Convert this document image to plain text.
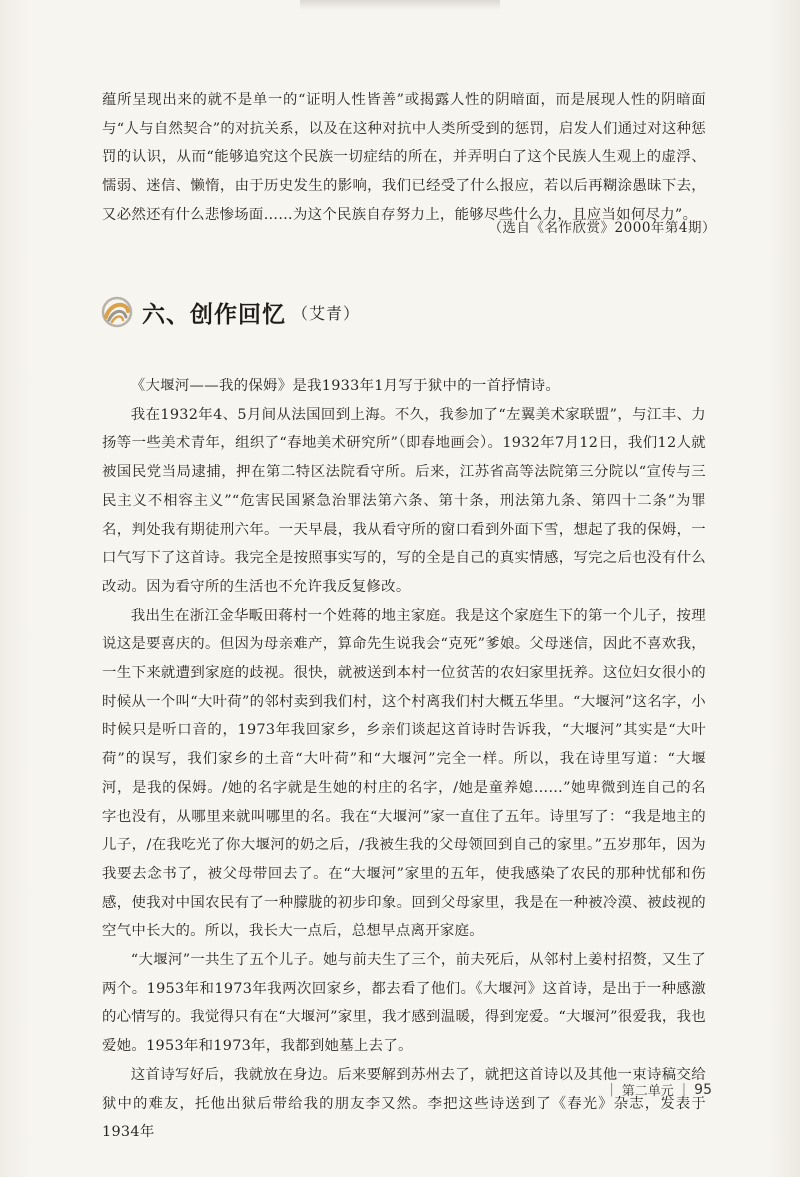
蕴所呈现出来的就不是单一的“证明人性皆善”或揭露人性的阴暗面，而是展现人性的阴暗面与“人与自然契合”的对抗关系，以及在这种对抗中人类所受到的惩罚，启发人们通过对这种惩罚的认识，从而“能够追究这个民族一切症结的所在，并弄明白了这个民族人生观上的虚浮、懦弱、迷信、懒惰，由于历史发生的影响，我们已经受了什么报应，若以后再糊涂愚昧下去，又必然还有什么悲惨场面……为这个民族自存努力上，能够尽些什么力，且应当如何尽力”。

（选自《名作欣赏》2000年第4期）
六、创作回忆 （艾青）

《大堰河——我的保姆》是我1933年1月写于狱中的一首抒情诗。

我在1932年4、5月间从法国回到上海。不久，我参加了“左翼美术家联盟”，与江丰、力扬等一些美术青年，组织了“春地美术研究所”（即春地画会）。1932年7月12日，我们12人就被国民党当局逮捕，押在第二特区法院看守所。后来，江苏省高等法院第三分院以“宣传与三民主义不相容主义”“危害民国紧急治罪法第六条、第十条，刑法第九条、第四十二条”为罪名，判处我有期徒刑六年。一天早晨，我从看守所的窗口看到外面下雪，想起了我的保姆，一口气写下了这首诗。我完全是按照事实写的，写的全是自己的真实情感，写完之后也没有什么改动。因为看守所的生活也不允许我反复修改。

我出生在浙江金华畈田蒋村一个姓蒋的地主家庭。我是这个家庭生下的第一个儿子，按理说这是要喜庆的。但因为母亲难产，算命先生说我会“克死”爹娘。父母迷信，因此不喜欢我，一生下来就遭到家庭的歧视。很快，就被送到本村一位贫苦的农妇家里抚养。这位妇女很小的时候从一个叫“大叶荷”的邻村卖到我们村，这个村离我们村大概五华里。“大堰河”这名字，小时候只是听口音的，1973年我回家乡，乡亲们谈起这首诗时告诉我，“大堰河”其实是“大叶荷”的误写，我们家乡的土音“大叶荷”和“大堰河”完全一样。所以，我在诗里写道：“大堰河，是我的保姆。/她的名字就是生她的村庄的名字，/她是童养媳……”她卑微到连自己的名字也没有，从哪里来就叫哪里的名。我在“大堰河”家一直住了五年。诗里写了：“我是地主的儿子，/在我吃光了你大堰河的奶之后，/我被生我的父母领回到自己的家里。”五岁那年，因为我要去念书了，被父母带回去了。在“大堰河”家里的五年，使我感染了农民的那种忧郁和伤感，使我对中国农民有了一种朦胧的初步印象。回到父母家里，我是在一种被冷漠、被歧视的空气中长大的。所以，我长大一点后，总想早点离开家庭。

“大堰河”一共生了五个儿子。她与前夫生了三个，前夫死后，从邻村上姜村招赘，又生了两个。1953年和1973年我两次回家乡，都去看了他们。《大堰河》这首诗，是出于一种感激的心情写的。我觉得只有在“大堰河”家里，我才感到温暖，得到宠爱。“大堰河”很爱我，我也爱她。1953年和1973年，我都到她墓上去了。

这首诗写好后，我就放在身边。后来要解到苏州去了，就把这首诗以及其他一束诗稿交给狱中的难友，托他出狱后带给我的朋友李又然。李把这些诗送到了《春光》杂志，发表于1934年

| 第二单元 | 95
